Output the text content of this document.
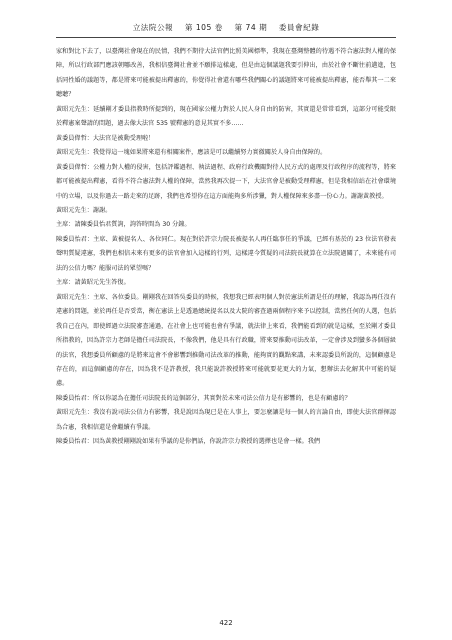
立法院公報 第 105 卷 第 74 期 委員會紀錄

家和對比下去了，以臺灣社會現在的民情，我們不期待大法官們比照美國標準，我現在臺灣整體的待遇不符合憲法對人權的保障，所以行政部門應該朝哪改善，我相信臺灣社會並不願排這樣處，但是由這個議題我要引伸出，由於社會不斷往前邁進，包括同性婚的議題等，都是將來可能被提出釋憲的，你覺得社會還有哪些我們關心的議題將來可能被提出釋憲，能否舉其一二來聽聽？

黃昭元先生：延續剛才委員指教時所提到的，現在國家公權力對於人民人身自由的防害，其實還是常常看到，這部分可能受限於釋憲案聲請的問題，過去像大法官 535 號釋憲的意見其實不多……

黃委員偉哲：大法官是被動受理啦！

黃昭元先生：我覺得這一塊如果將來還有相關案件，應該是可以繼續努力實徹關於人身自由保障的。

黃委員偉哲：公權力對人權的侵害，包括評鑑過程、執法過程、政府行政機關對待人民方式的處理及行政程序的流程等，將來都可能被提出釋憲，看得不符合憲法對人權的保障，當然我再次提一下，大法官會是被動受理釋憲，但是我相信站在社會環境中的立場，以及你過去一路走來的足跡，我們也希望你在這方面能夠多所涉獵，對人權保障來多盡一份心力。謝謝黃教授。

黃昭元先生：謝謝。

主席：請陳委員怡君質詢，詢答時間為 30 分鐘。

陳委員怡君：主席、黃被提名人、各位同仁。現在對於許宗力院長被提名人再任臨事任的爭議，已經有基於的 23 位法官發表聲明質疑違憲，我們也相信未來有更多的法官會加入這樣的行列，這樣違今質疑的司法院長就算在立法院過關了，未來能有司法的公信力嗎？能服司法的眾望嗎？

主席：請黃昭元先生答復。

黃昭元先生：主席、各位委員。剛剛我在回答吳委員的時候，我想我已經表明個人對於憲法所謂是任的理解，我認為再任沒有違憲的問題，並於再任是否妥當，衡在憲法上是透過總統提名以及大院的審查過兩個程序來予以控制，當然任何的人選，包括我自己在內，即使經過立法院審查通過，在社會上也可能也會有爭議，就法律上來看，我們能看到的就是這樣，至於剛才委員所指教的，因為許宗力老師是擔任司法院長，不像我們，他是具有行政職，將來要推動司法改革，一定會涉及到蠻多各個層級的法官，我想委員所顧慮的是將來這會不會影響到推動司法改革的推動，能夠實的觀點來講，未來認委員所說的，這個顧慮是存在的，而這個顧慮的存在，因為我不是許教授，我只能說許教授將來可能就要花更大的力氣，想辦法去化解其中可能的疑慮。

陳委員怡君：所以你認為在擔任司法院長的這個部分，其實對於未來司法公信力是有影響的，也是有顧慮的？

黃昭元先生：我沒有說司法公信力有影響，我是說因為現已是在人事上，要怎麼讓是每一個人的言論自由，即使大法官群揮認為合憲，我相信還是會繼續有爭議。

陳委員怡君：因為黃教授剛剛說如果有爭議的是你們話，你說許宗力教授的選擇也是會一樣。我們

422
